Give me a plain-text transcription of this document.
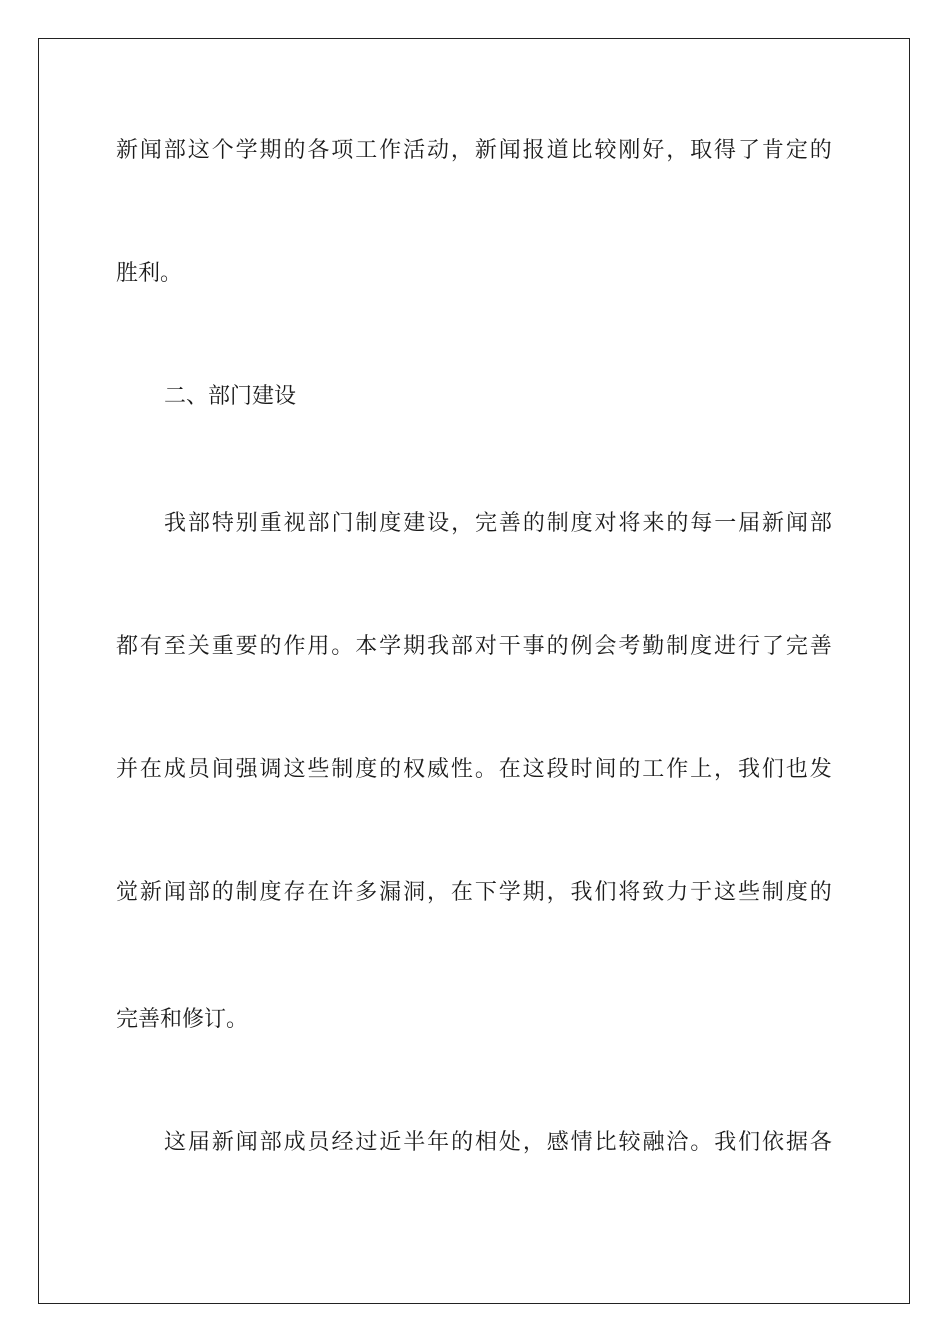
新 闻 部 这 个 学 期 的 各 项 工 作 活 动 ， 新 闻 报 道 比 较 刚 好 ， 取 得 了 肯 定 的
胜利。
二、部门建设
我 部 特 别 重 视 部 门 制 度 建 设 ， 完 善 的 制 度 对 将 来 的 每 一 届 新 闻 部
都 有 至 关 重 要 的 作 用 。 本 学 期 我 部 对 干 事 的 例 会 考 勤 制 度 进 行 了 完 善
并 在 成 员 间 强 调 这 些 制 度 的 权 威 性 。 在 这 段 时 间 的 工 作 上 ， 我 们 也 发
觉 新 闻 部 的 制 度 存 在 许 多 漏 洞 ， 在 下 学 期 ， 我 们 将 致 力 于 这 些 制 度 的
完善和修订。
这 届 新 闻 部 成 员 经 过 近 半 年 的 相 处 ， 感 情 比 较 融 洽 。 我 们 依 据 各
